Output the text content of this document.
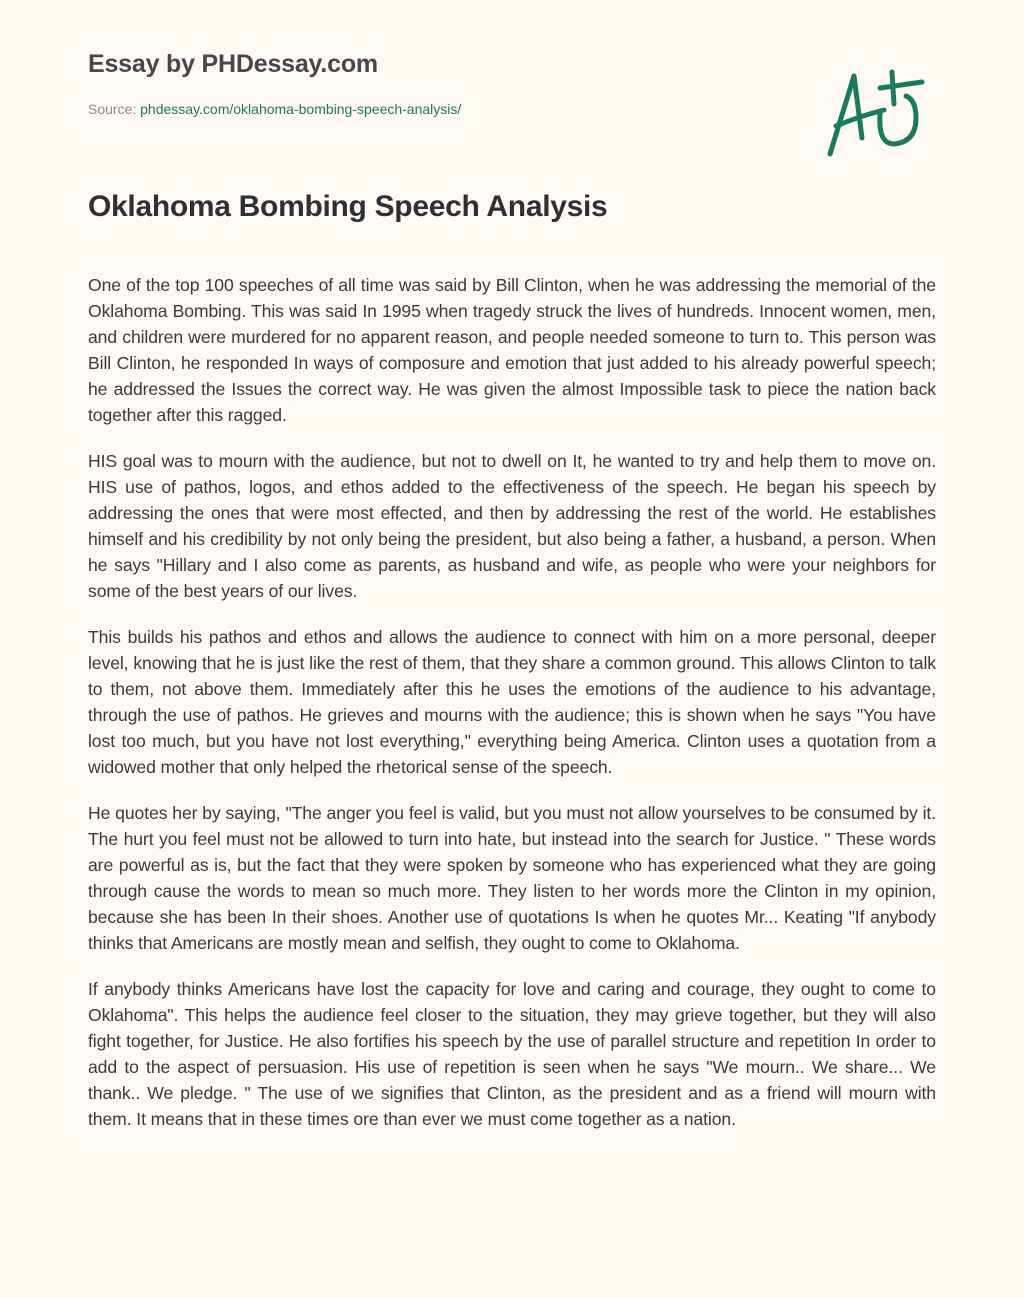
Essay by PHDessay.com
Source: phdessay.com/oklahoma-bombing-speech-analysis/
Oklahoma Bombing Speech Analysis

One of the top 100 speeches of all time was said by Bill Clinton, when he was addressing the memorial of the Oklahoma Bombing. This was said In 1995 when tragedy struck the lives of hundreds. Innocent women, men, and children were murdered for no apparent reason, and people needed someone to turn to. This person was Bill Clinton, he responded In ways of composure and emotion that just added to his already powerful speech; he addressed the Issues the correct way. He was given the almost Impossible task to piece the nation back together after this ragged.

HIS goal was to mourn with the audience, but not to dwell on It, he wanted to try and help them to move on. HIS use of pathos, logos, and ethos added to the effectiveness of the speech. He began his speech by addressing the ones that were most effected, and then by addressing the rest of the world. He establishes himself and his credibility by not only being the president, but also being a father, a husband, a person. When he says "Hillary and I also come as parents, as husband and wife, as people who were your neighbors for some of the best years of our lives.

This builds his pathos and ethos and allows the audience to connect with him on a more personal, deeper level, knowing that he is just like the rest of them, that they share a common ground. This allows Clinton to talk to them, not above them. Immediately after this he uses the emotions of the audience to his advantage, through the use of pathos. He grieves and mourns with the audience; this is shown when he says "You have lost too much, but you have not lost everything," everything being America. Clinton uses a quotation from a widowed mother that only helped the rhetorical sense of the speech.

He quotes her by saying, "The anger you feel is valid, but you must not allow yourselves to be consumed by it. The hurt you feel must not be allowed to turn into hate, but instead into the search for Justice. " These words are powerful as is, but the fact that they were spoken by someone who has experienced what they are going through cause the words to mean so much more. They listen to her words more the Clinton in my opinion, because she has been In their shoes. Another use of quotations Is when he quotes Mr... Keating "If anybody thinks that Americans are mostly mean and selfish, they ought to come to Oklahoma.

If anybody thinks Americans have lost the capacity for love and caring and courage, they ought to come to Oklahoma". This helps the audience feel closer to the situation, they may grieve together, but they will also fight together, for Justice. He also fortifies his speech by the use of parallel structure and repetition In order to add to the aspect of persuasion. His use of repetition is seen when he says "We mourn.. We share... We thank.. We pledge. " The use of we signifies that Clinton, as the president and as a friend will mourn with them. It means that in these times ore than ever we must come together as a nation.
